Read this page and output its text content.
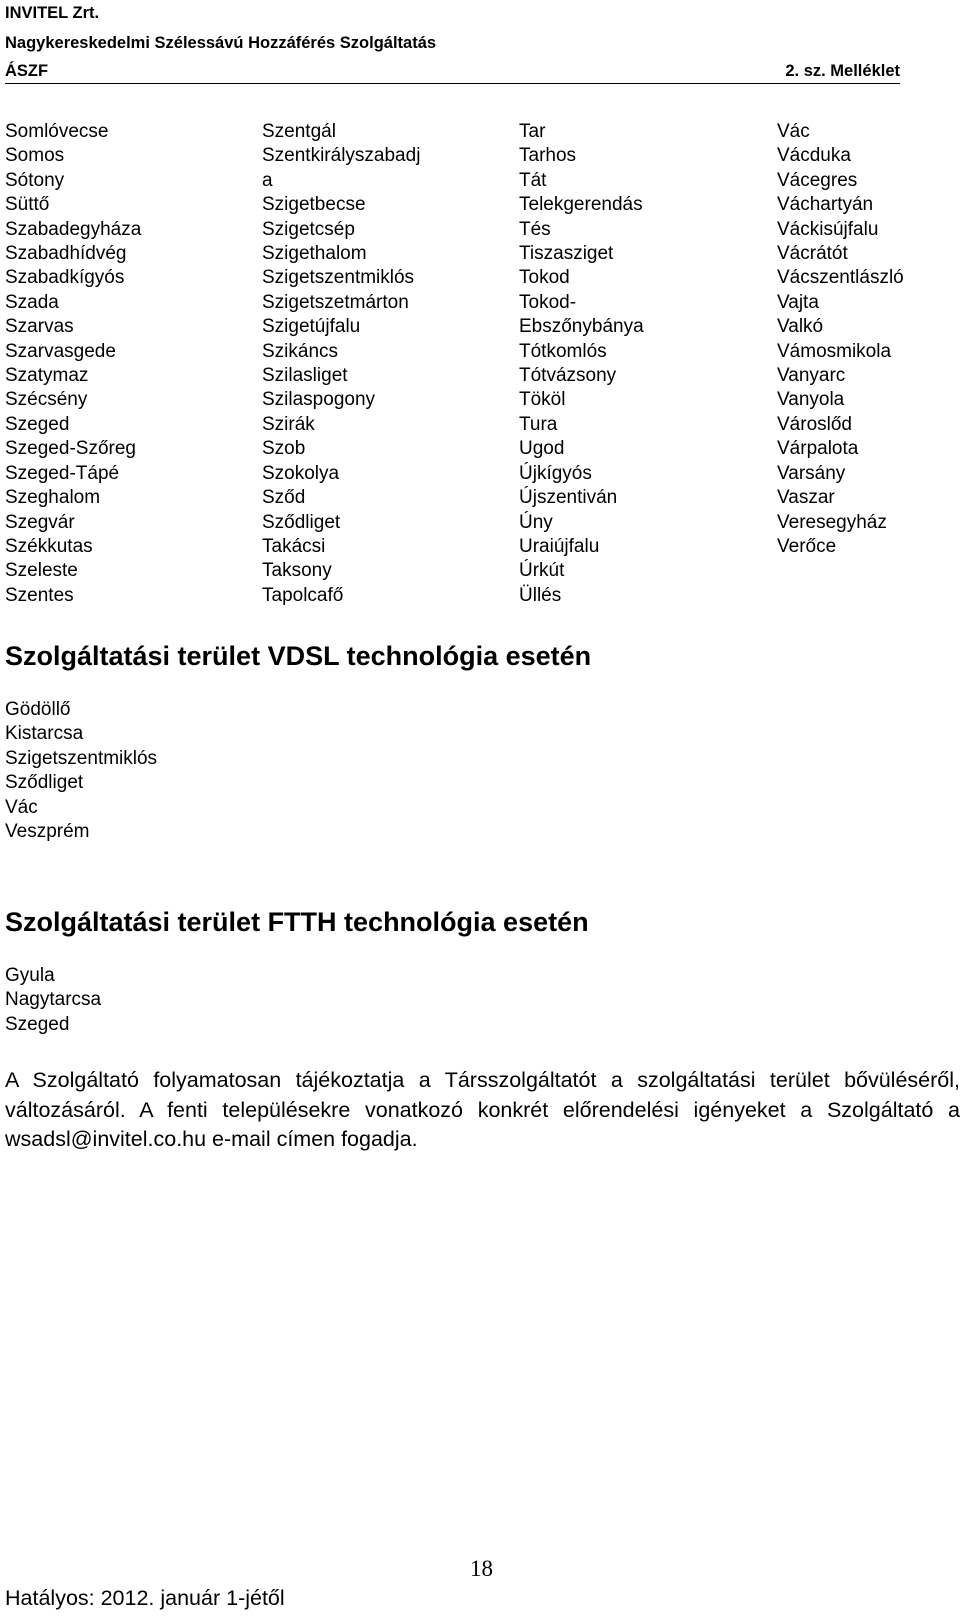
INVITEL Zrt.
Nagykereskedelmi Szélessávú Hozzáférés Szolgáltatás
ÁSZF	2. sz. Melléklet
Somlóvecse
Somos
Sótony
Süttő
Szabadegyháza
Szabadhídvég
Szabadkígyós
Szada
Szarvas
Szarvasgede
Szatymaz
Szécsény
Szeged
Szeged-Szőreg
Szeged-Tápé
Szeghalom
Szegvár
Székkutas
Szeleste
Szentes
Szentgál
Szentkirályszabadj
a
Szigetbecse
Szigetcsép
Szigethalom
Szigetszentmiklós
Szigetszetmárton
Szigetújfalu
Szikáncs
Szilasliget
Szilaspogony
Szirák
Szob
Szokolya
Sződ
Sződliget
Takácsi
Taksony
Tapolcafő
Tar
Tarhos
Tát
Telekgerendás
Tés
Tiszasziget
Tokod
Tokod-
Ebszőnybánya
Tótkomlós
Tótvázsony
Tököl
Tura
Ugod
Újkígyós
Újszentiván
Úny
Uraiújfalu
Úrkút
Üllés
Vác
Vácduka
Vácegres
Váchartyán
Váckisújfalu
Vácrátót
Vácszentlászló
Vajta
Valkó
Vámosmikola
Vanyarc
Vanyola
Városlőd
Várpalota
Varsány
Vaszar
Veresegyház
Verőce
Szolgáltatási terület VDSL technológia esetén
Gödöllő
Kistarcsa
Szigetszentmiklós
Sződliget
Vác
Veszprém
Szolgáltatási terület FTTH technológia esetén
Gyula
Nagytarcsa
Szeged
A Szolgáltató folyamatosan tájékoztatja a Társszolgáltatót a szolgáltatási terület bővüléséről, változásáról. A fenti településekre vonatkozó konkrét előrendelési igényeket a Szolgáltató a wsadsl@invitel.co.hu e-mail címen fogadja.
18
Hatályos: 2012. január 1-jétől
